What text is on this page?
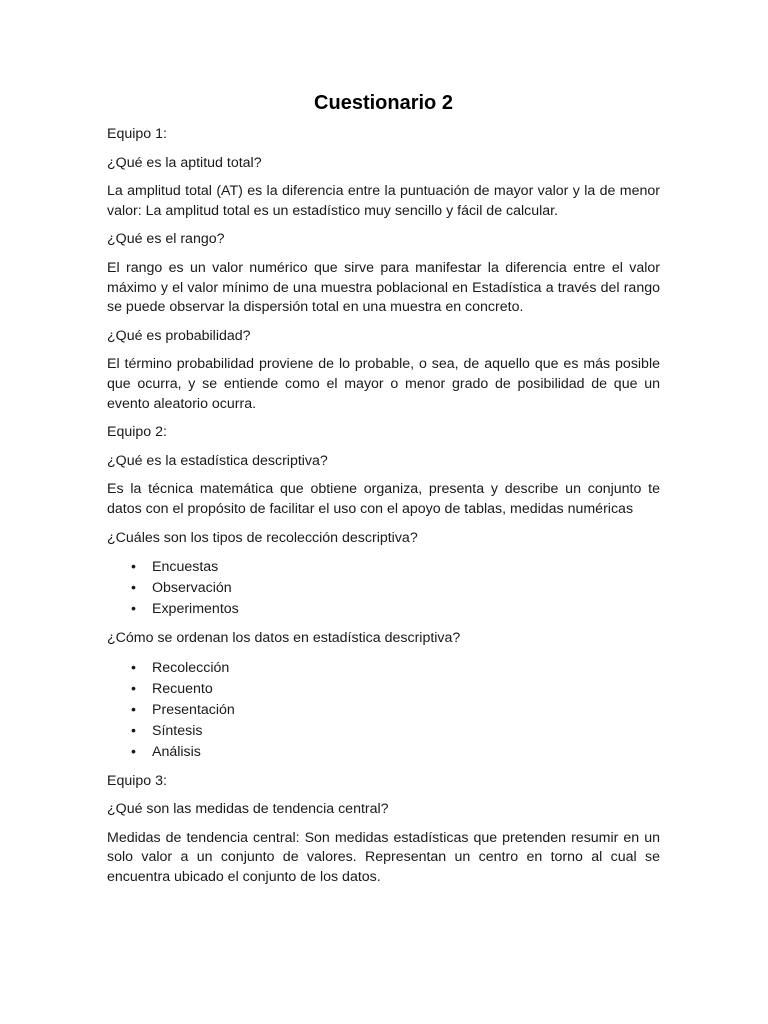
Cuestionario 2

Equipo 1:

¿Qué es la aptitud total?

La amplitud total (AT) es la diferencia entre la puntuación de mayor valor y la de menor valor: La amplitud total es un estadístico muy sencillo y fácil de calcular.

¿Qué es el rango?

El rango es un valor numérico que sirve para manifestar la diferencia entre el valor máximo y el valor mínimo de una muestra poblacional en Estadística a través del rango se puede observar la dispersión total en una muestra en concreto.

¿Qué es probabilidad?

El término probabilidad proviene de lo probable, o sea, de aquello que es más posible que ocurra, y se entiende como el mayor o menor grado de posibilidad de que un evento aleatorio ocurra.

Equipo 2:

¿Qué es la estadística descriptiva?

Es la técnica matemática que obtiene organiza, presenta y describe un conjunto te datos con el propósito de facilitar el uso con el apoyo de tablas, medidas numéricas

¿Cuáles son los tipos de recolección descriptiva?

• Encuestas
• Observación
• Experimentos

¿Cómo se ordenan los datos en estadística descriptiva?

• Recolección
• Recuento
• Presentación
• Síntesis
• Análisis

Equipo 3:

¿Qué son las medidas de tendencia central?

Medidas de tendencia central: Son medidas estadísticas que pretenden resumir en un solo valor a un conjunto de valores. Representan un centro en torno al cual se encuentra ubicado el conjunto de los datos.
